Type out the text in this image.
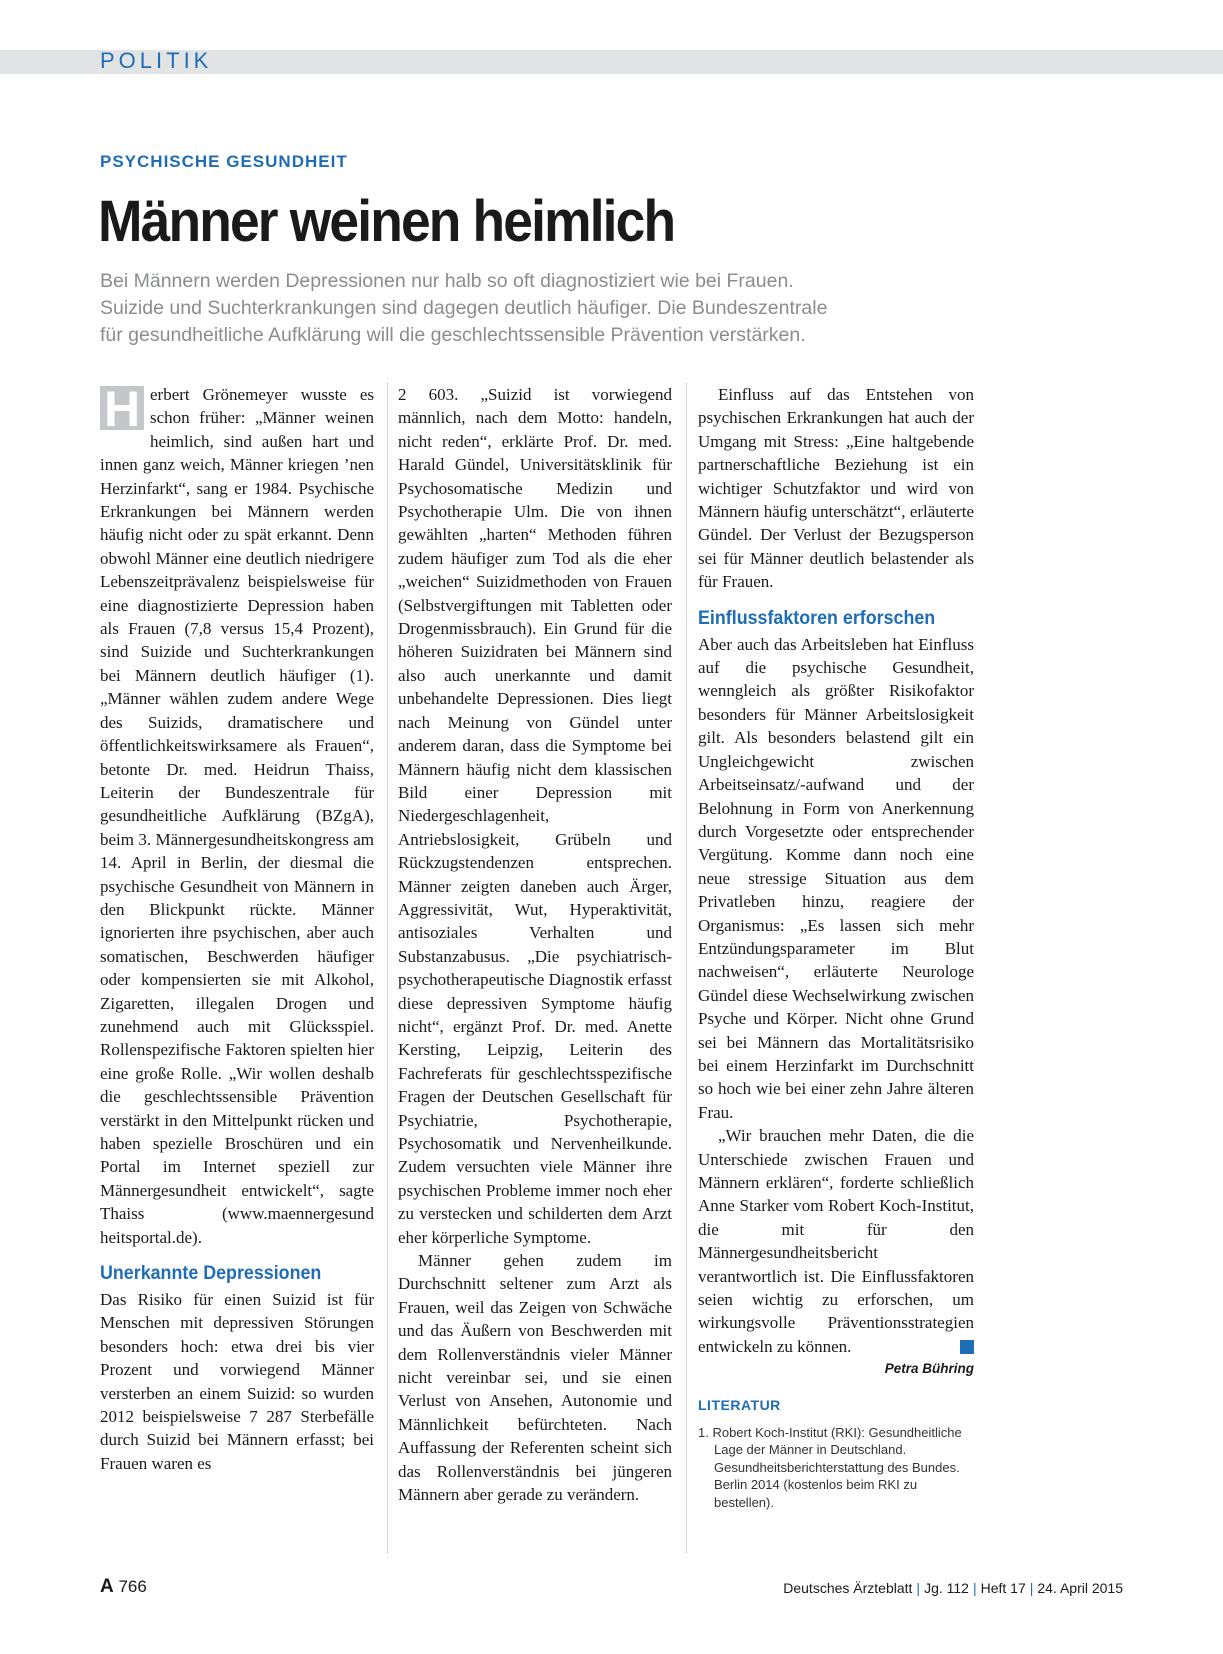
POLITIK
PSYCHISCHE GESUNDHEIT
Männer weinen heimlich

Bei Männern werden Depressionen nur halb so oft diagnostiziert wie bei Frauen.

Suizide und Suchterkrankungen sind dagegen deutlich häufiger. Die Bundeszentrale

für gesundheitliche Aufklärung will die geschlechtssensible Prävention verstärken.

H erbert Grönemeyer wusste es schon früher: „Männer weinen heimlich, sind außen hart und innen ganz weich, Männer kriegen ’nen Herzinfarkt“, sang er 1984. Psychische Erkrankungen bei Männern werden häufig nicht oder zu spät erkannt. Denn obwohl Männer eine deutlich niedrigere Lebenszeitprävalenz beispielsweise für eine diagnostizierte Depression haben als Frauen (7,8 versus 15,4 Prozent), sind Suizide und Suchterkrankungen bei Männern deutlich häufiger (1). „Männer wählen zudem andere Wege des Suizids, dramatischere und öffentlichkeitswirksamere als Frauen“, betonte Dr. med. Heidrun Thaiss, Leiterin der Bundeszentrale für gesundheitliche Aufklärung (BZgA), beim 3. Männergesundheitskongress am 14. April in Berlin, der diesmal die psychische Gesundheit von Männern in den Blickpunkt rückte. Männer ignorierten ihre psychischen, aber auch somatischen, Beschwerden häufiger oder kompensierten sie mit Alkohol, Zigaretten, illegalen Drogen und zunehmend auch mit Glücksspiel. Rollenspezifische Faktoren spielten hier eine große Rolle. „Wir wollen deshalb die geschlechtssensible Prävention verstärkt in den Mittelpunkt rücken und haben spezielle Broschüren und ein Portal im Internet speziell zur Männergesundheit entwickelt“, sagte Thaiss (www.maennergesund heitsportal.de).

Unerkannte Depressionen

Das Risiko für einen Suizid ist für Menschen mit depressiven Störungen besonders hoch: etwa drei bis vier Prozent und vorwiegend Männer versterben an einem Suizid: so wurden 2012 beispielsweise 7 287 Sterbefälle durch Suizid bei Männern erfasst; bei Frauen waren es

2 603. „Suizid ist vorwiegend männlich, nach dem Motto: handeln, nicht reden“, erklärte Prof. Dr. med. Harald Gündel, Universitätsklinik für Psychosomatische Medizin und Psychotherapie Ulm. Die von ihnen gewählten „harten“ Methoden führen zudem häufiger zum Tod als die eher „weichen“ Suizidmethoden von Frauen (Selbstvergiftungen mit Tabletten oder Drogenmissbrauch). Ein Grund für die höheren Suizidraten bei Männern sind also auch unerkannte und damit unbehandelte Depressionen. Dies liegt nach Meinung von Gündel unter anderem daran, dass die Symptome bei Männern häufig nicht dem klassischen Bild einer Depression mit Niedergeschlagenheit, Antriebslosigkeit, Grübeln und Rückzugstendenzen entsprechen. Männer zeigten daneben auch Ärger, Aggressivität, Wut, Hyperaktivität, antisoziales Verhalten und Substanzabusus. „Die psychiatrisch-psychotherapeutische Diagnostik erfasst diese depressiven Symptome häufig nicht“, ergänzt Prof. Dr. med. Anette Kersting, Leipzig, Leiterin des Fachreferats für geschlechtsspezifische Fragen der Deutschen Gesellschaft für Psychiatrie, Psychotherapie, Psychosomatik und Nervenheilkunde. Zudem versuchten viele Männer ihre psychischen Probleme immer noch eher zu verstecken und schilderten dem Arzt eher körperliche Symptome.

Männer gehen zudem im Durchschnitt seltener zum Arzt als Frauen, weil das Zeigen von Schwäche und das Äußern von Beschwerden mit dem Rollenverständnis vieler Männer nicht vereinbar sei, und sie einen Verlust von Ansehen, Autonomie und Männlichkeit befürchteten. Nach Auffassung der Referenten scheint sich das Rollenverständnis bei jüngeren Männern aber gerade zu verändern.

Einfluss auf das Entstehen von psychischen Erkrankungen hat auch der Umgang mit Stress: „Eine haltgebende partnerschaftliche Beziehung ist ein wichtiger Schutzfaktor und wird von Männern häufig unterschätzt“, erläuterte Gündel. Der Verlust der Bezugsperson sei für Männer deutlich belastender als für Frauen.

Einflussfaktoren erforschen

Aber auch das Arbeitsleben hat Einfluss auf die psychische Gesundheit, wenngleich als größter Risikofaktor besonders für Männer Arbeitslosigkeit gilt. Als besonders belastend gilt ein Ungleichgewicht zwischen Arbeitseinsatz/-aufwand und der Belohnung in Form von Anerkennung durch Vorgesetzte oder entsprechender Vergütung. Komme dann noch eine neue stressige Situation aus dem Privatleben hinzu, reagiere der Organismus: „Es lassen sich mehr Entzündungsparameter im Blut nachweisen“, erläuterte Neurologe Gündel diese Wechselwirkung zwischen Psyche und Körper. Nicht ohne Grund sei bei Männern das Mortalitätsrisiko bei einem Herzinfarkt im Durchschnitt so hoch wie bei einer zehn Jahre älteren Frau.

„Wir brauchen mehr Daten, die die Unterschiede zwischen Frauen und Männern erklären“, forderte schließlich Anne Starker vom Robert Koch-Institut, die mit für den Männergesundheitsbericht verantwortlich ist. Die Einflussfaktoren seien wichtig zu erforschen, um wirkungsvolle Präventionsstrategien entwickeln zu können.

Petra Bühring
LITERATUR
1. Robert Koch-Institut (RKI): Gesundheitliche Lage der Männer in Deutschland. Gesundheitsberichterstattung des Bundes. Berlin 2014 (kostenlos beim RKI zu bestellen).
A 766	Deutsches Ärzteblatt | Jg. 112 | Heft 17 | 24. April 2015
